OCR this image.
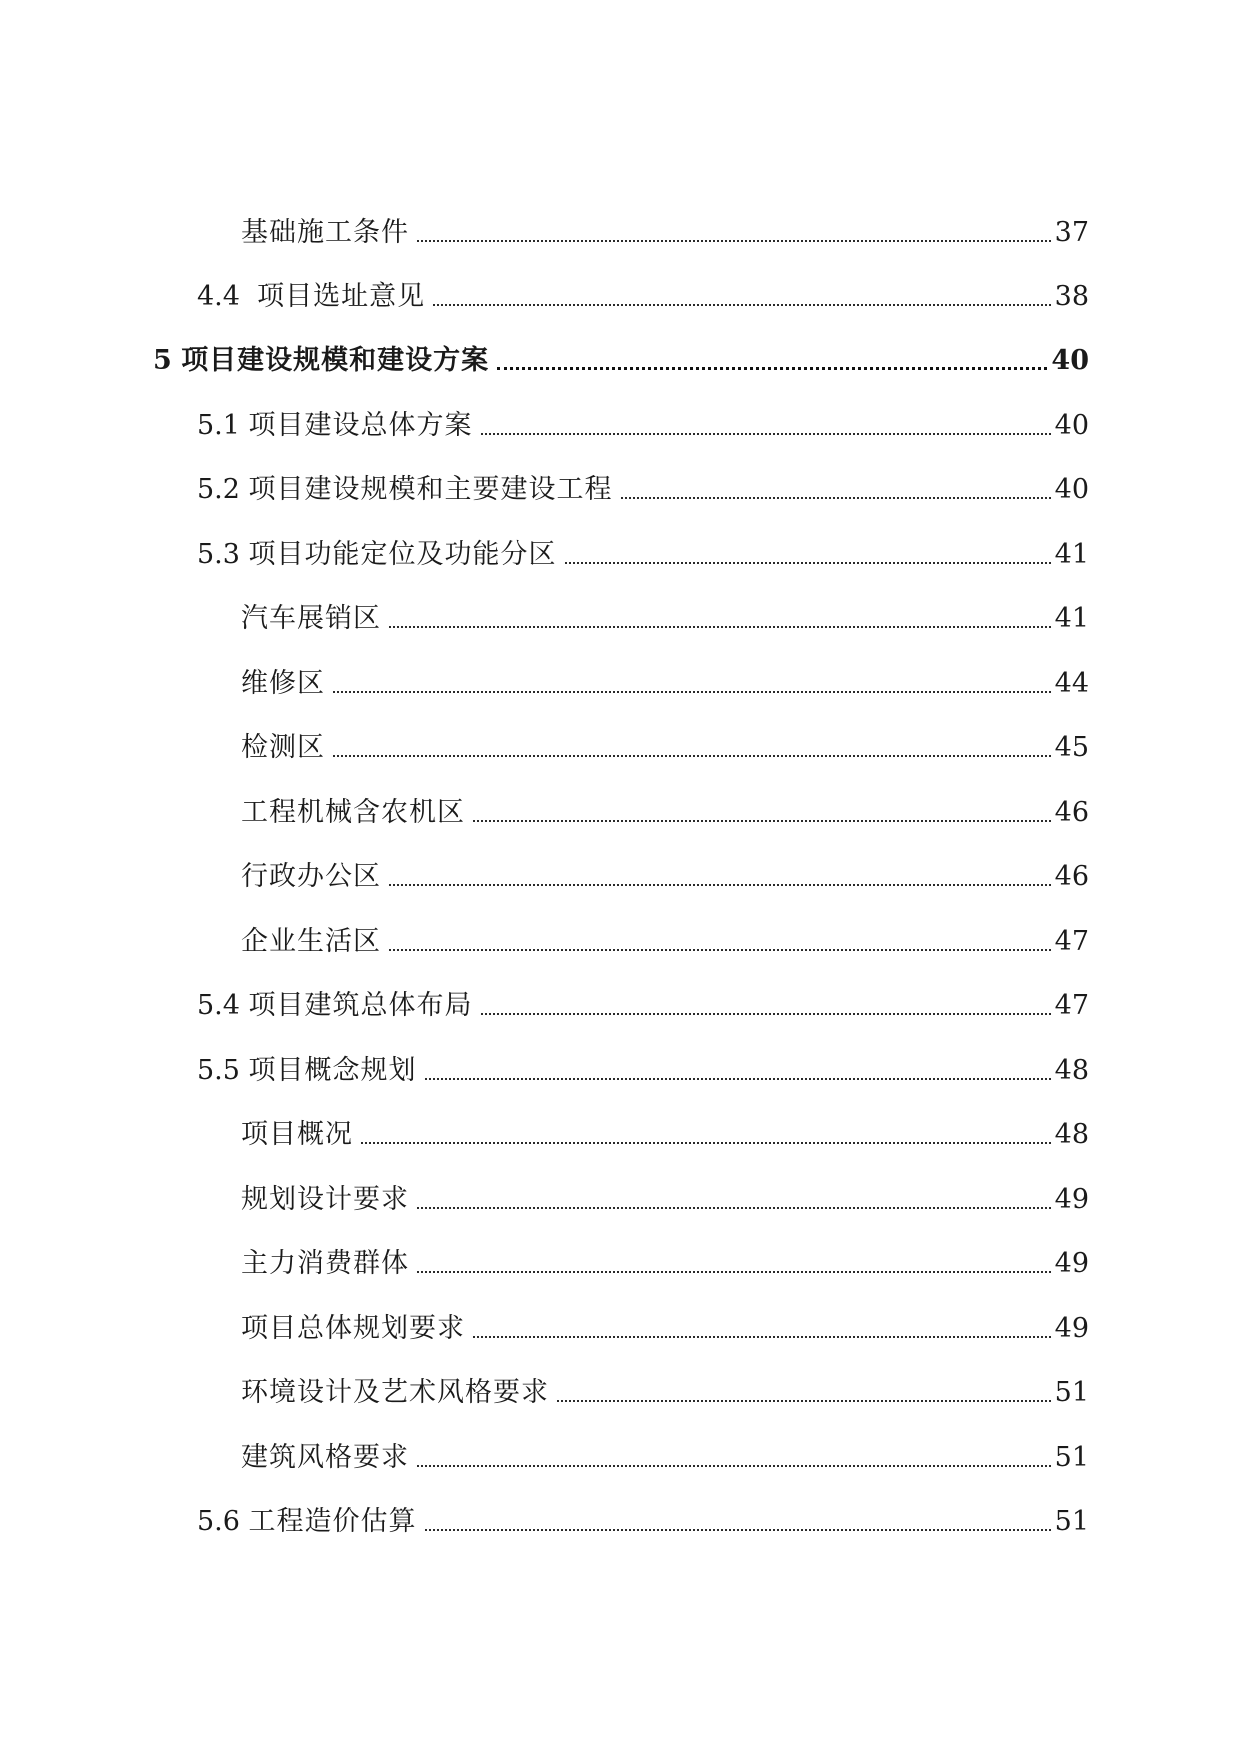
基础施工条件	37
4.4 项目选址意见	38
5 项目建设规模和建设方案	40
5.1 项目建设总体方案	40
5.2 项目建设规模和主要建设工程	40
5.3 项目功能定位及功能分区	41
汽车展销区	41
维修区	44
检测区	45
工程机械含农机区	46
行政办公区	46
企业生活区	47
5.4 项目建筑总体布局	47
5.5 项目概念规划	48
项目概况	48
规划设计要求	49
主力消费群体	49
项目总体规划要求	49
环境设计及艺术风格要求	51
建筑风格要求	51
5.6 工程造价估算	51
